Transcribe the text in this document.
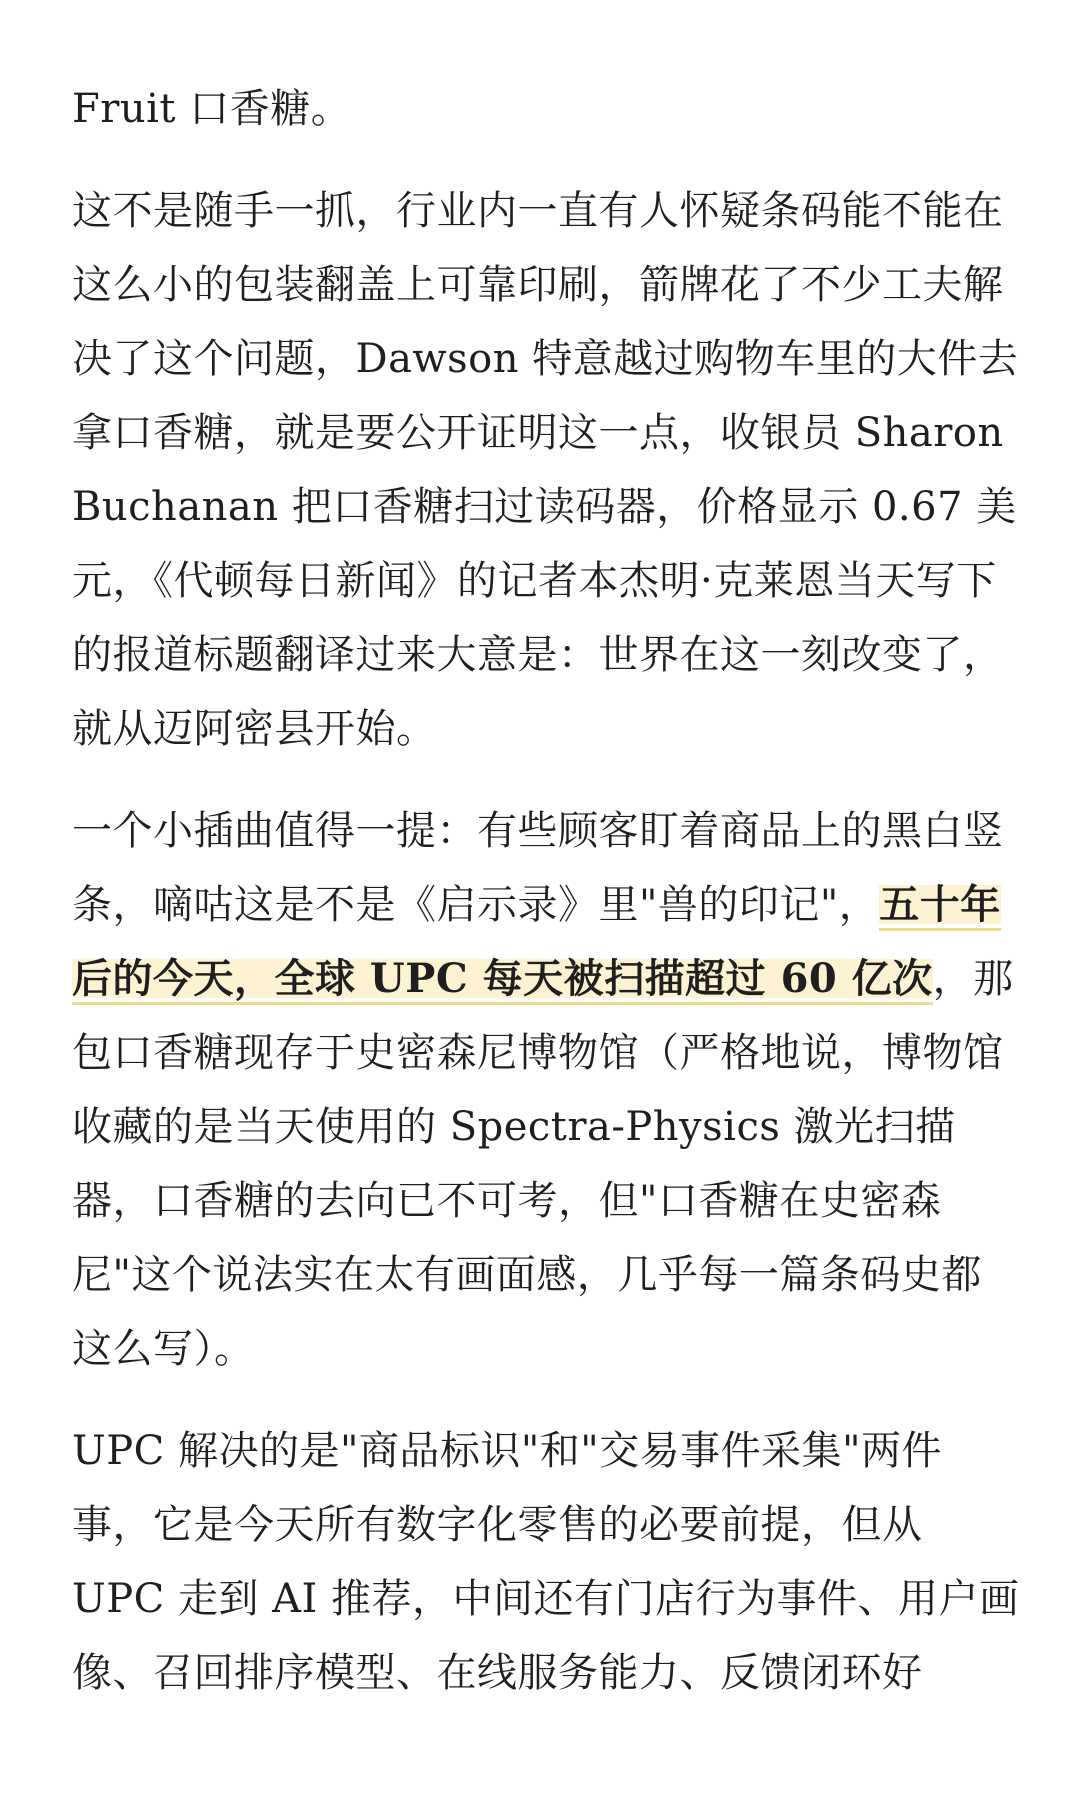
Fruit 口香糖。

这不是随手一抓，行业内一直有人怀疑条码能不能在这么小的包装翻盖上可靠印刷，箭牌花了不少工夫解决了这个问题，Dawson 特意越过购物车里的大件去拿口香糖，就是要公开证明这一点，收银员 Sharon Buchanan 把口香糖扫过读码器，价格显示 0.67 美元，《代顿每日新闻》的记者本杰明·克莱恩当天写下的报道标题翻译过来大意是：世界在这一刻改变了，就从迈阿密县开始。

一个小插曲值得一提：有些顾客盯着商品上的黑白竖条，嘀咕这是不是《启示录》里"兽的印记"，五十年后的今天，全球 UPC 每天被扫描超过 60 亿次，那包口香糖现存于史密森尼博物馆（严格地说，博物馆收藏的是当天使用的 Spectra-Physics 激光扫描器，口香糖的去向已不可考，但"口香糖在史密森尼"这个说法实在太有画面感，几乎每一篇条码史都这么写）。

UPC 解决的是"商品标识"和"交易事件采集"两件事，它是今天所有数字化零售的必要前提，但从 UPC 走到 AI 推荐，中间还有门店行为事件、用户画像、召回排序模型、在线服务能力、反馈闭环好
